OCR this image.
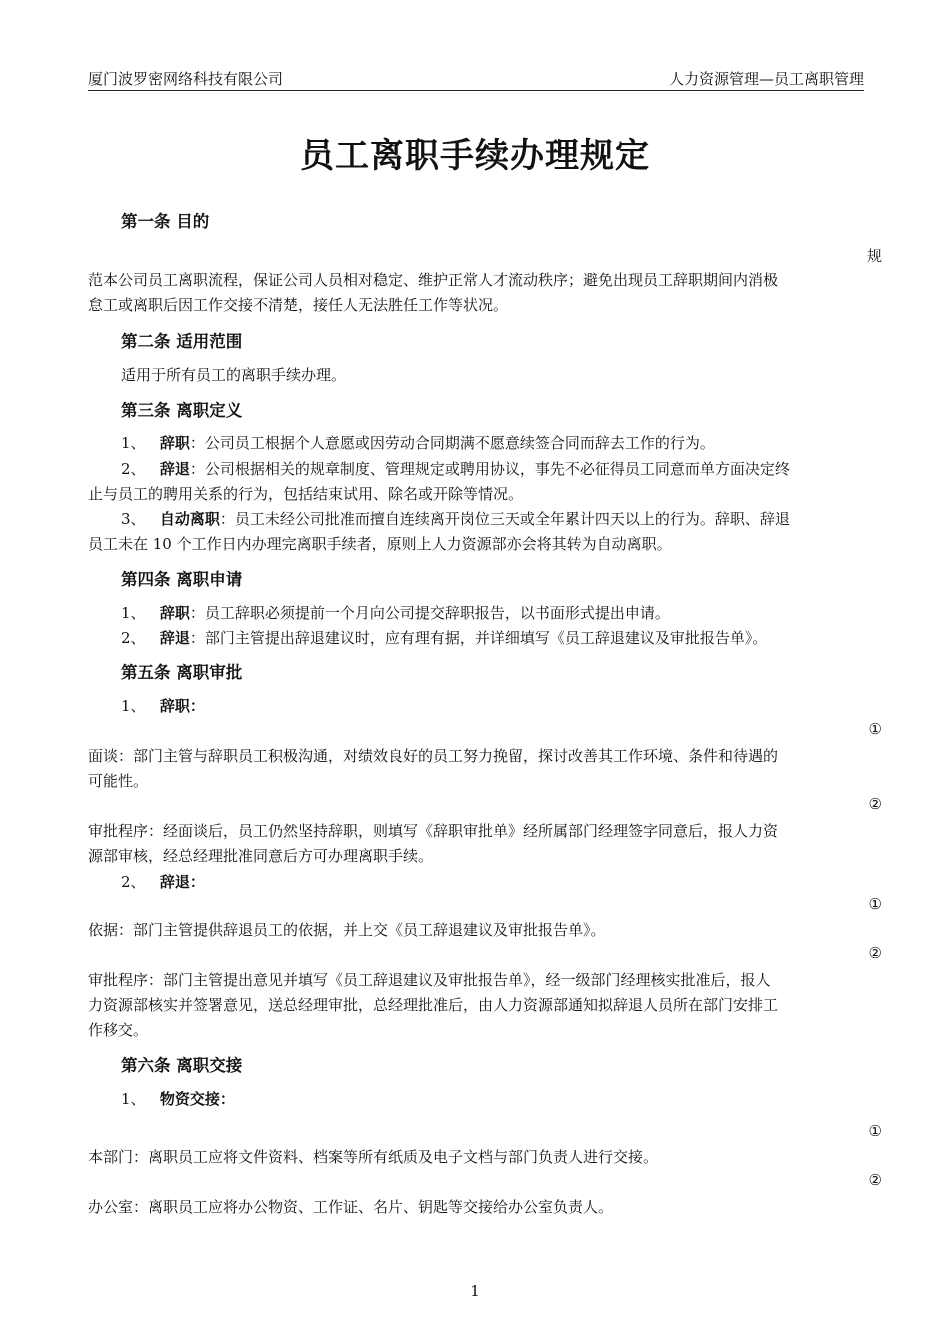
厦门波罗密网络科技有限公司	人力资源管理—员工离职管理
员工离职手续办理规定
第一条 目的
规
范本公司员工离职流程，保证公司人员相对稳定、维护正常人才流动秩序；避免出现员工辞职期间内消极
怠工或离职后因工作交接不清楚，接任人无法胜任工作等状况。
第二条 适用范围
适用于所有员工的离职手续办理。
第三条 离职定义
1、 辞职：公司员工根据个人意愿或因劳动合同期满不愿意续签合同而辞去工作的行为。
2、 辞退：公司根据相关的规章制度、管理规定或聘用协议，事先不必征得员工同意而单方面决定终
止与员工的聘用关系的行为，包括结束试用、除名或开除等情况。
3、 自动离职：员工未经公司批准而擅自连续离开岗位三天或全年累计四天以上的行为。辞职、辞退
员工未在 10 个工作日内办理完离职手续者，原则上人力资源部亦会将其转为自动离职。
第四条 离职申请
1、 辞职：员工辞职必须提前一个月向公司提交辞职报告，以书面形式提出申请。
2、 辞退：部门主管提出辞退建议时，应有理有据，并详细填写《员工辞退建议及审批报告单》。
第五条 离职审批
1、 辞职：
①
面谈：部门主管与辞职员工积极沟通，对绩效良好的员工努力挽留，探讨改善其工作环境、条件和待遇的
可能性。
②
审批程序：经面谈后，员工仍然坚持辞职，则填写《辞职审批单》经所属部门经理签字同意后，报人力资
源部审核，经总经理批准同意后方可办理离职手续。
2、 辞退：
①
依据：部门主管提供辞退员工的依据，并上交《员工辞退建议及审批报告单》。
②
审批程序：部门主管提出意见并填写《员工辞退建议及审批报告单》，经一级部门经理核实批准后，报人
力资源部核实并签署意见，送总经理审批，总经理批准后，由人力资源部通知拟辞退人员所在部门安排工
作移交。
第六条 离职交接
1、 物资交接：
①
本部门：离职员工应将文件资料、档案等所有纸质及电子文档与部门负责人进行交接。
②
办公室：离职员工应将办公物资、工作证、名片、钥匙等交接给办公室负责人。
1
